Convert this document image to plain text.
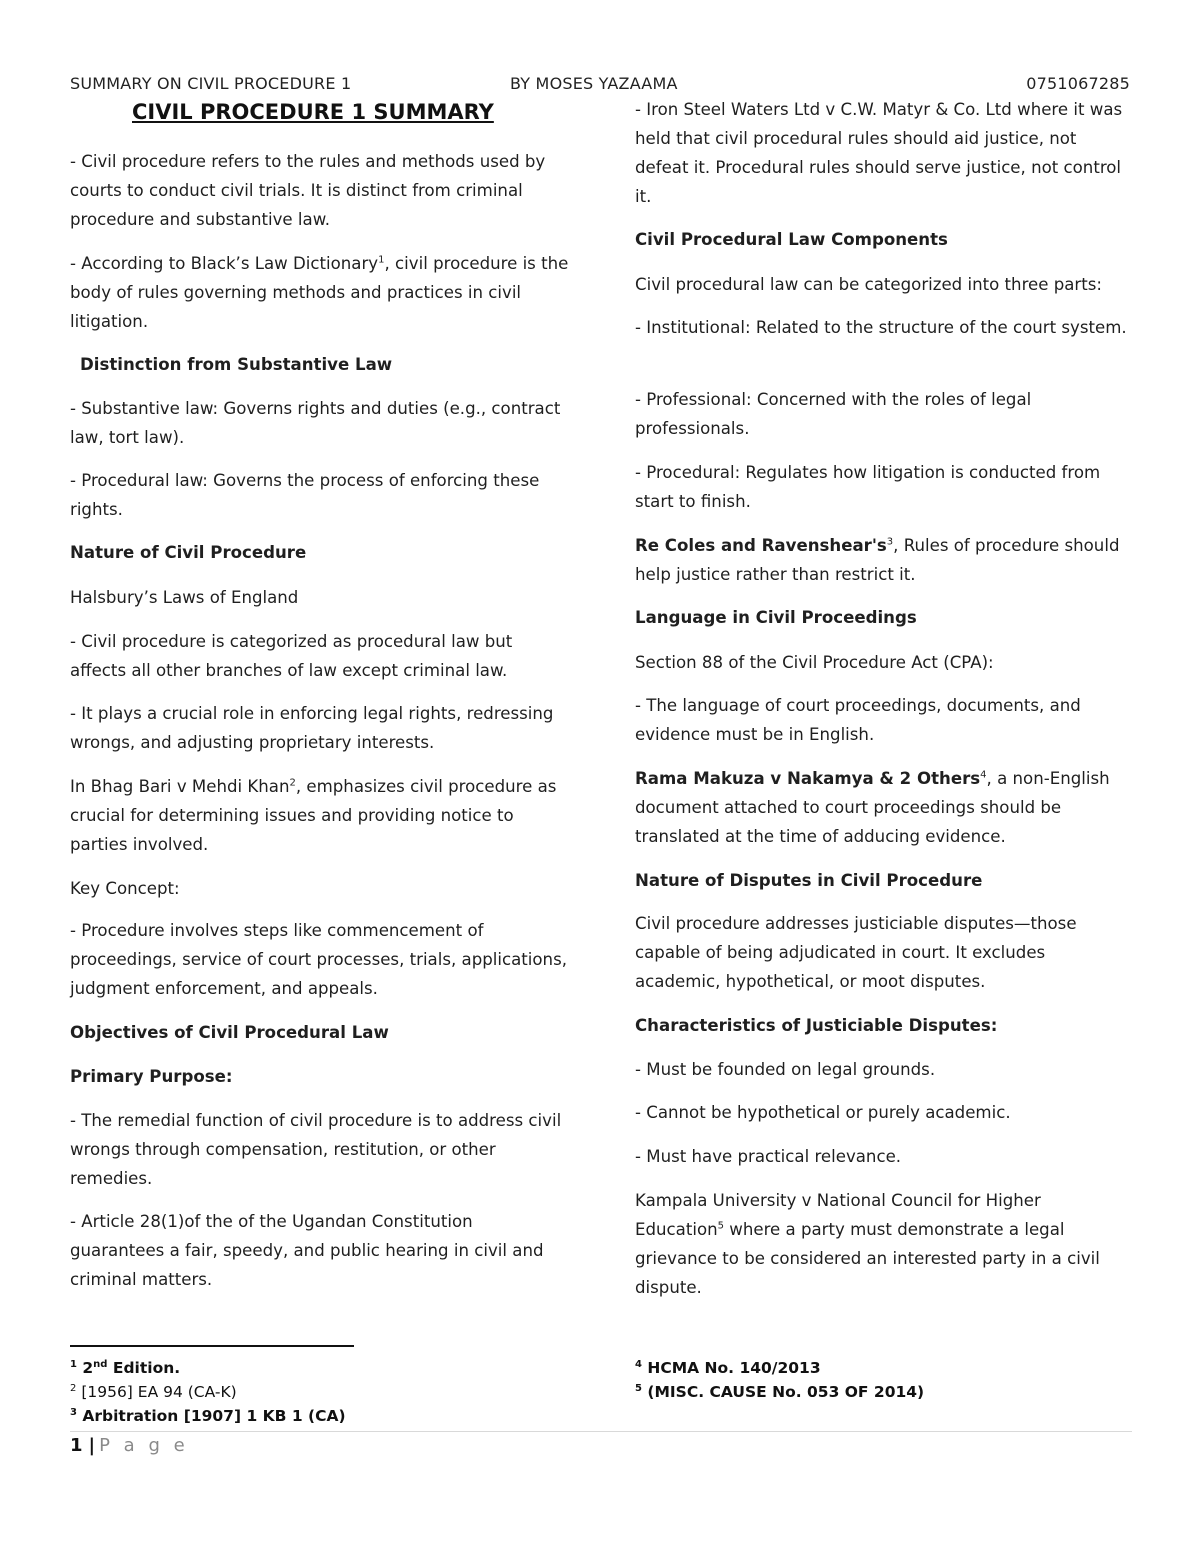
SUMMARY ON CIVIL PROCEDURE 1	BY MOSES YAZAAMA	0751067285
CIVIL PROCEDURE 1 SUMMARY

- Civil procedure refers to the rules and methods used by courts to conduct civil trials. It is distinct from criminal procedure and substantive law.

- According to Black’s Law Dictionary$^1$, civil procedure is the body of rules governing methods and practices in civil litigation.

Distinction from Substantive Law

- Substantive law: Governs rights and duties (e.g., contract law, tort law).

- Procedural law: Governs the process of enforcing these rights.

Nature of Civil Procedure

Halsbury’s Laws of England

- Civil procedure is categorized as procedural law but affects all other branches of law except criminal law.

- It plays a crucial role in enforcing legal rights, redressing wrongs, and adjusting proprietary interests.

In Bhag Bari v Mehdi Khan$^2$, emphasizes civil procedure as crucial for determining issues and providing notice to parties involved.

Key Concept:

- Procedure involves steps like commencement of proceedings, service of court processes, trials, applications, judgment enforcement, and appeals.

Objectives of Civil Procedural Law

Primary Purpose:

- The remedial function of civil procedure is to address civil wrongs through compensation, restitution, or other remedies.

- Article 28(1)of the of the Ugandan Constitution guarantees a fair, speedy, and public hearing in civil and criminal matters.

- Iron Steel Waters Ltd v C.W. Matyr & Co. Ltd where it was held that civil procedural rules should aid justice, not defeat it. Procedural rules should serve justice, not control it.

Civil Procedural Law Components

Civil procedural law can be categorized into three parts:

- Institutional: Related to the structure of the court system.

- Professional: Concerned with the roles of legal professionals.

- Procedural: Regulates how litigation is conducted from start to finish.

Re Coles and $Ravenshear's^3$, Rules of procedure should help justice rather than restrict it.

Language in Civil Proceedings

Section 88 of the Civil Procedure Act (CPA):

- The language of court proceedings, documents, and evidence must be in English.

Rama Makuza v Nakamya & 2 Others$^4$, a non-English document attached to court proceedings should be translated at the time of adducing evidence.

Nature of Disputes in Civil Procedure

Civil procedure addresses justiciable disputes—those capable of being adjudicated in court. It excludes academic, hypothetical, or moot disputes.

Characteristics of Justiciable Disputes:

- Must be founded on legal grounds.

- Cannot be hypothetical or purely academic.

- Must have practical relevance.

Kampala University v National Council for Higher Education$^5$ where a party must demonstrate a legal grievance to be considered an interested party in a civil dispute.

$^1$ 2nd Edition.

$^2$ [1956] EA 94 (CA-K)

$^3$ Arbitration [1907] 1 KB 1 (CA)

$^4$ HCMA No. 140/2013

$^5$ (MISC. CAUSE No. 053 OF 2014)

1 | P a g e
